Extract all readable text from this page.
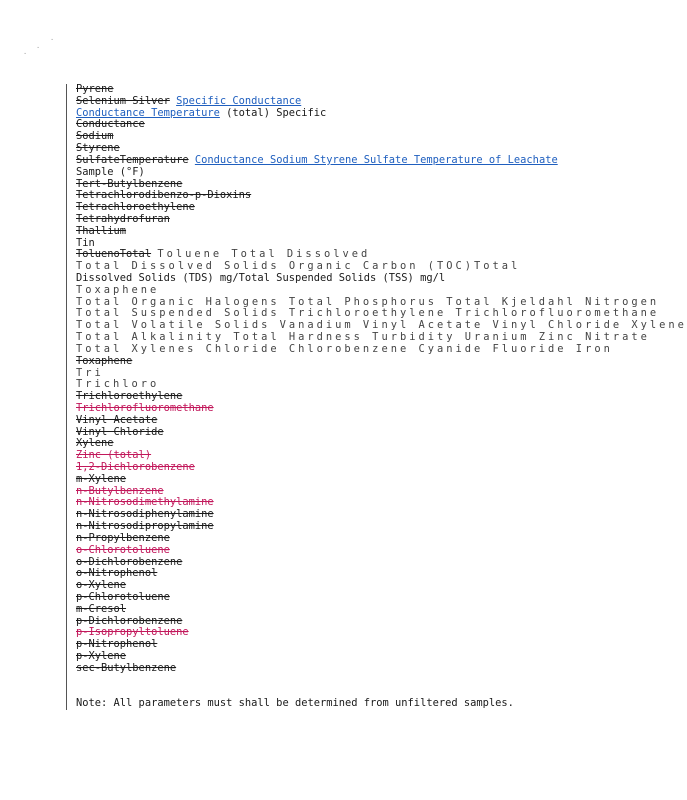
·
·
·
Pyrene
Selenium Silver Specific Conductance
Conductance Temperature (total) Specific
Conductance
Sodium
Styrene
SulfateTemperature Conductance Sodium Styrene Sulfate Temperature of Leachate
Sample (°F)
Tert-Butylbenzene
Tetrachlorodibenzo-p-Dioxins
Tetrachloroethylene
Tetrahydrofuran
Thallium
Tin
ToluenoTotal Toluene Total Dissolved
Total Dissolved Solids Organic Carbon (TOC)Total
Dissolved Solids (TDS) mg/Total Suspended Solids (TSS) mg/l
Toxaphene
Total Organic Halogens Total Phosphorus Total Kjeldahl Nitrogen
Total Suspended Solids Trichloroethylene Trichlorofluoromethane
Total Volatile Solids Vanadium Vinyl Acetate Vinyl Chloride Xylene
Total Alkalinity Total Hardness Turbidity Uranium Zinc Nitrate
Total Xylenes Chloride Chlorobenzene Cyanide Fluoride Iron
Toxaphene
Tri
Trichloro
Trichloroethylene
Trichlorofluoromethane
Vinyl Acetate
Vinyl Chloride
Xylene
Zinc (total)
1,2-Dichlorobenzene
m-Xylene
n-Butylbenzene
n-Nitrosodimethylamine
n-Nitrosodiphenylamine
n-Nitrosodipropylamine
n-Propylbenzene
o-Chlorotoluene
o-Dichlorobenzene
o-Nitrophenol
o-Xylene
p-Chlorotoluene
m-Cresol
p-Dichlorobenzene
p-Isopropyltoluene
p-Nitrophenol
p-Xylene
sec-Butylbenzene
Note: All parameters must shall be determined from unfiltered samples.
